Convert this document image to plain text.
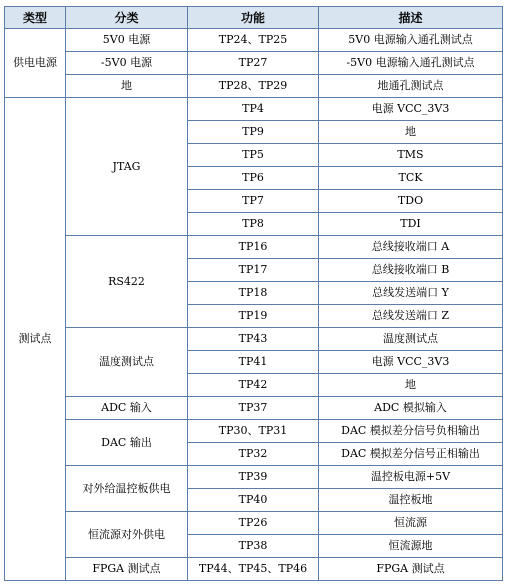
类型	分类	功能	描述
供电电源	5V0 电源	TP24、TP25	5V0 电源输入通孔测试点
	-5V0 电源	TP27	-5V0 电源输入通孔测试点
	地	TP28、TP29	地通孔测试点
测试点	JTAG	TP4	电源 VCC_3V3
		TP9	地
		TP5	TMS
		TP6	TCK
		TP7	TDO
		TP8	TDI
	RS422	TP16	总线接收端口 A
		TP17	总线接收端口 B
		TP18	总线发送端口 Y
		TP19	总线发送端口 Z
	温度测试点	TP43	温度测试点
		TP41	电源 VCC_3V3
		TP42	地
	ADC 输入	TP37	ADC 模拟输入
	DAC 输出	TP30、TP31	DAC 模拟差分信号负相输出
		TP32	DAC 模拟差分信号正相输出
	对外给温控板供电	TP39	温控板电源+5V
		TP40	温控板地
	恒流源对外供电	TP26	恒流源
		TP38	恒流源地
	FPGA 测试点	TP44、TP45、TP46	FPGA 测试点
